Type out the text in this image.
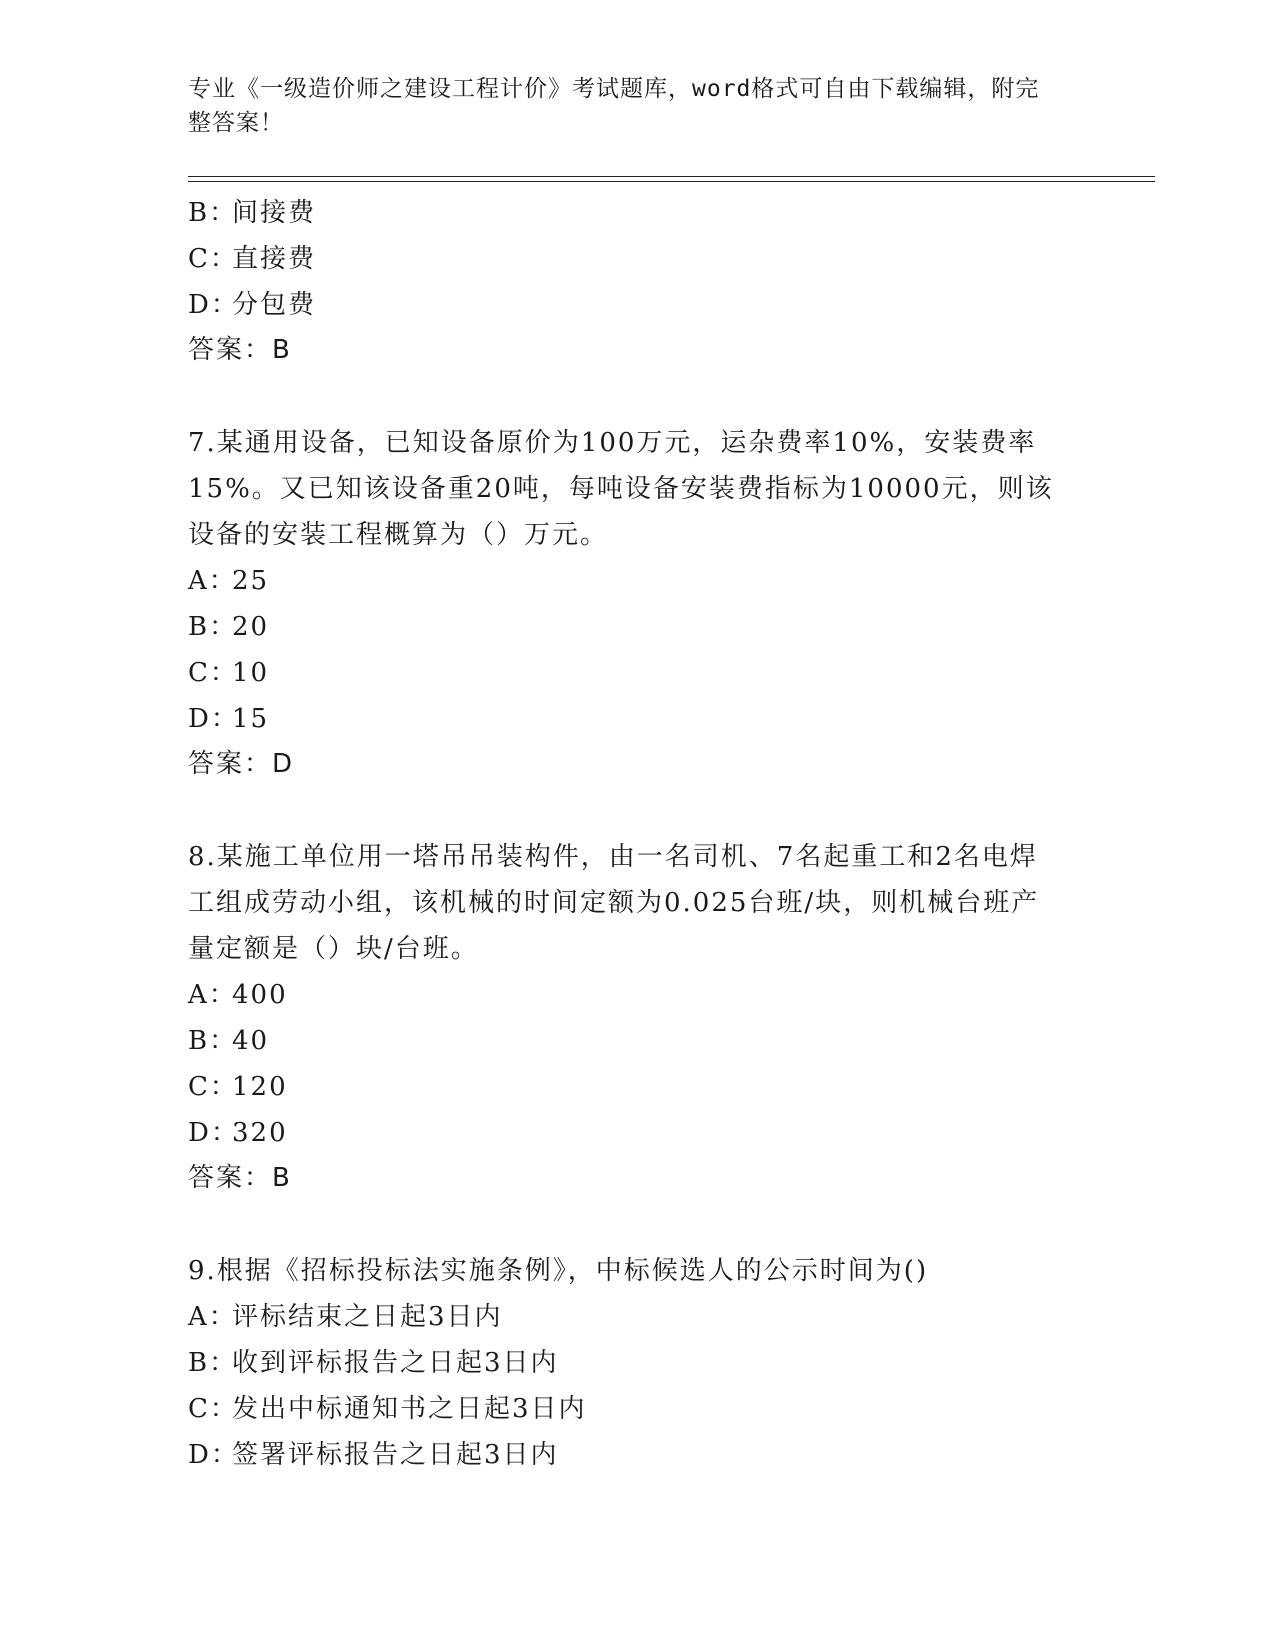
专业《一级造价师之建设工程计价》考试题库，word格式可自由下载编辑，附完
整答案！
B：间接费
C：直接费
D：分包费
答案：B
7.某通用设备，已知设备原价为100万元，运杂费率10%，安装费率
15%。又已知该设备重20吨，每吨设备安装费指标为10000元，则该
设备的安装工程概算为（）万元。
A：25
B：20
C：10
D：15
答案：D
8.某施工单位用一塔吊吊装构件，由一名司机、7名起重工和2名电焊
工组成劳动小组，该机械的时间定额为0.025台班/块，则机械台班产
量定额是（）块/台班。
A：400
B：40
C：120
D：320
答案：B
9.根据《招标投标法实施条例》，中标候选人的公示时间为()
A：评标结束之日起3日内
B：收到评标报告之日起3日内
C：发出中标通知书之日起3日内
D：签署评标报告之日起3日内
